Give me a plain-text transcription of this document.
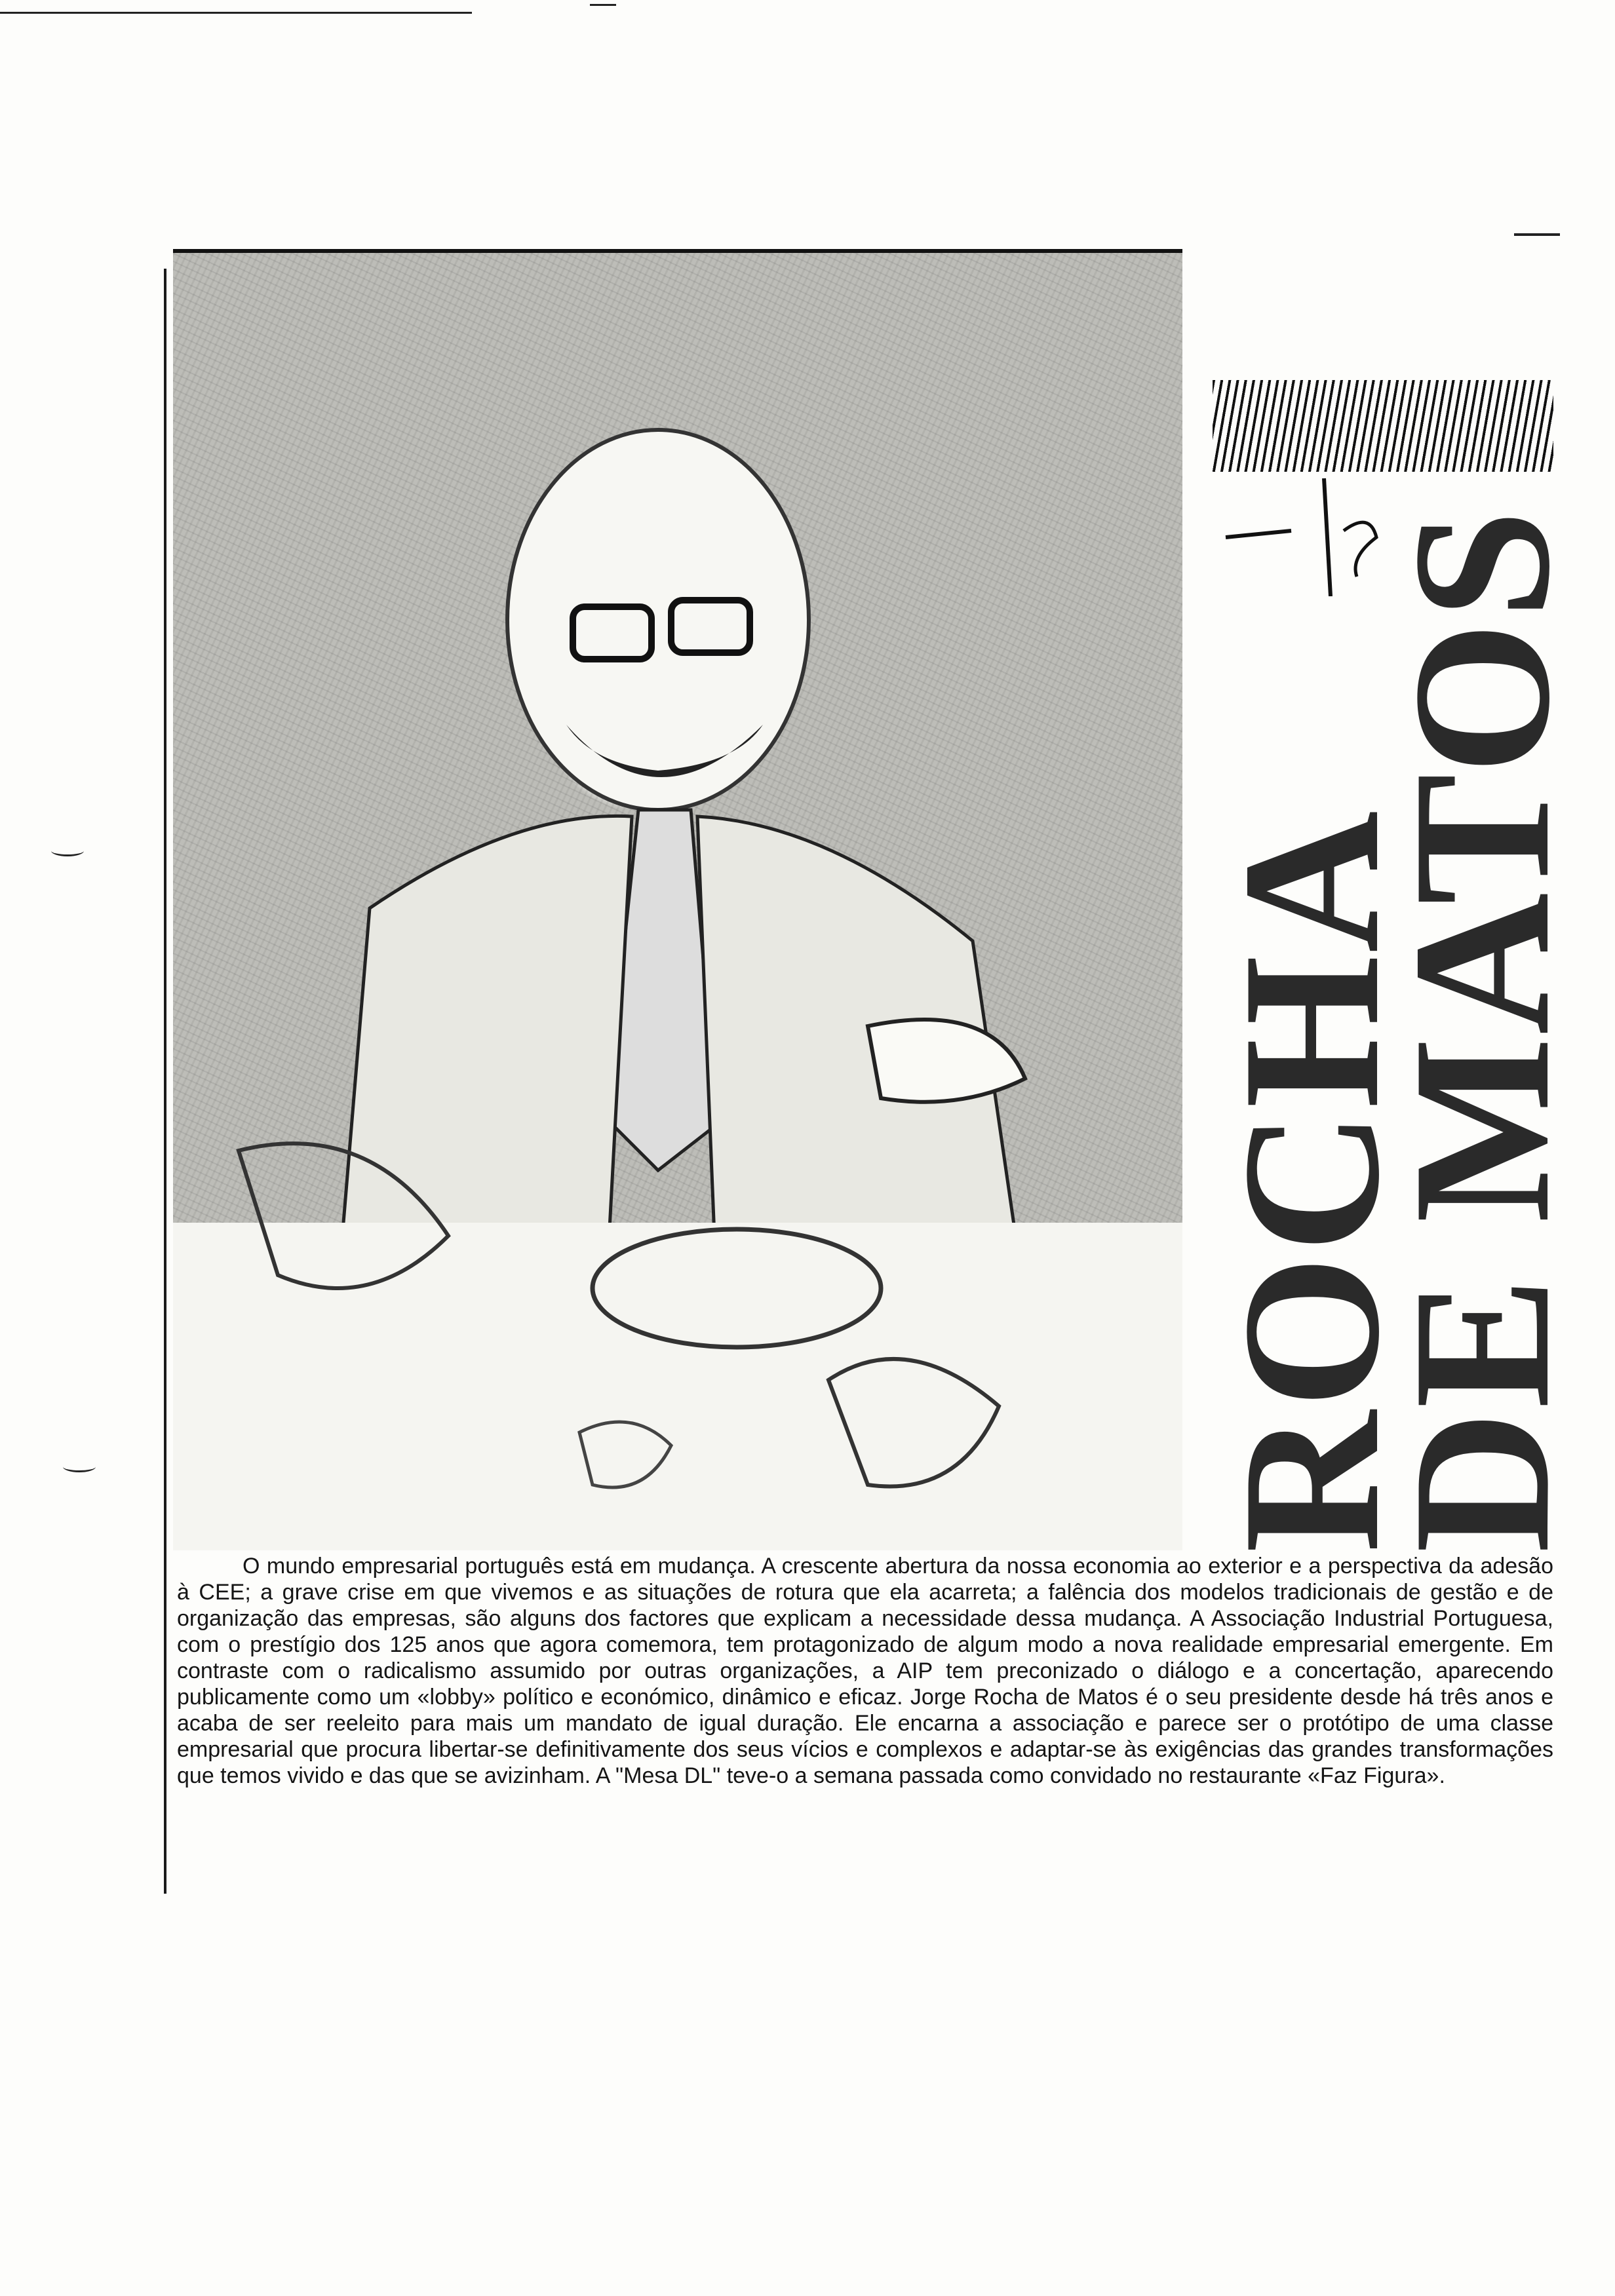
ROCHA
DE MATOS

O mundo empresarial português está em mudança. A crescente abertura da nossa economia ao exterior e a perspectiva da adesão à CEE; a grave crise em que vivemos e as situações de rotura que ela acarreta; a falência dos modelos tradicionais de gestão e de organização das empresas, são alguns dos factores que explicam a necessidade dessa mudança. A Associação Industrial Portuguesa, com o prestígio dos 125 anos que agora comemora, tem protagonizado de algum modo a nova realidade empresarial emergente. Em contraste com o radicalismo assumido por outras organizações, a AIP tem preconizado o diálogo e a concertação, aparecendo publicamente como um «lobby» político e económico, dinâmico e eficaz. Jorge Rocha de Matos é o seu presidente desde há três anos e acaba de ser reeleito para mais um mandato de igual duração. Ele encarna a associação e parece ser o protótipo de uma classe empresarial que procura libertar-se definitivamente dos seus vícios e complexos e adaptar-se às exigências das grandes transformações que temos vivido e das que se avizinham. A "Mesa DL" teve-o a semana passada como convidado no restaurante «Faz Figura».
